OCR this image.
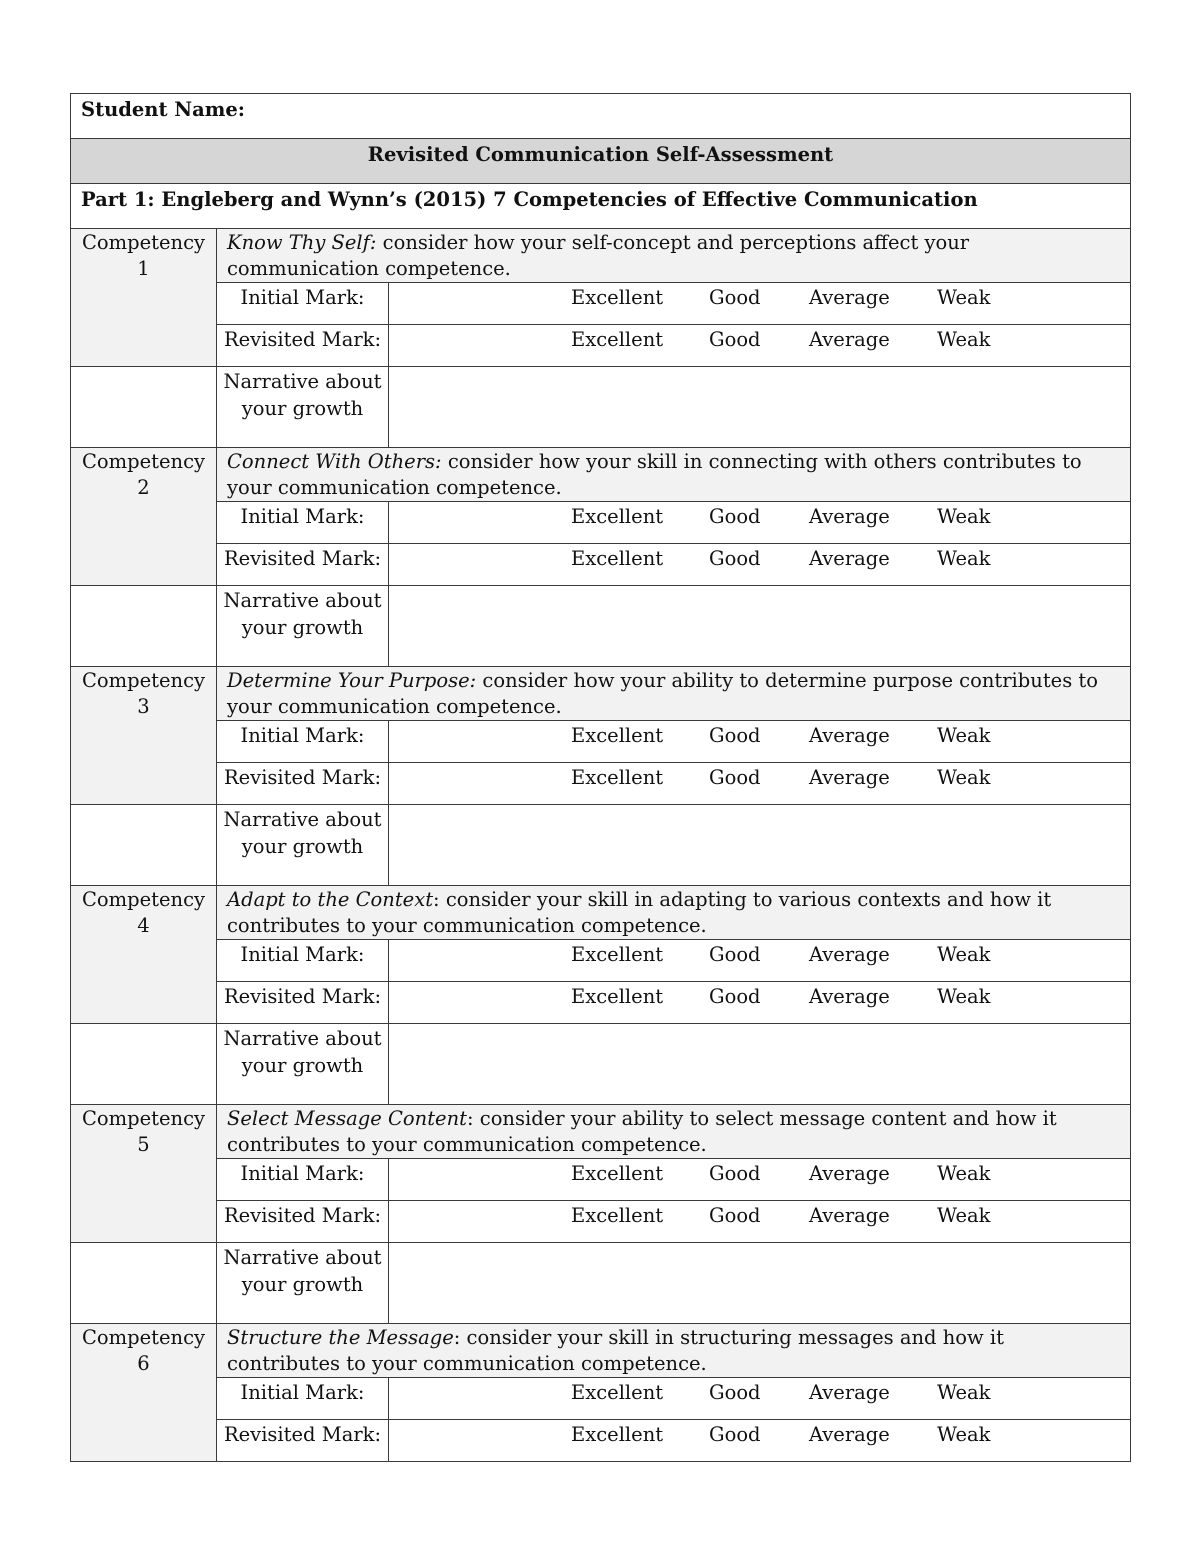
Student Name:		
Revisited Communication Self-Assessment		
Part 1: Engleberg and Wynn’s (2015) 7 Competencies of Effective Communication		
Competency 1	Know Thy Self: consider how your self-concept and perceptions affect your communication competence.	
	Initial Mark:	Excellent Good Average Weak

	Revisited Mark:	Excellent Good Average Weak

	Narrative about your growth	
Competency 2	Connect With Others: consider how your skill in connecting with others contributes to your communication competence.	
	Initial Mark:	Excellent Good Average Weak

	Revisited Mark:	Excellent Good Average Weak

	Narrative about your growth	
Competency 3	Determine Your Purpose: consider how your ability to determine purpose contributes to your communication competence.	
	Initial Mark:	Excellent Good Average Weak

	Revisited Mark:	Excellent Good Average Weak

	Narrative about your growth	
Competency 4	Adapt to the Context: consider your skill in adapting to various contexts and how it contributes to your communication competence.	
	Initial Mark:	Excellent Good Average Weak

	Revisited Mark:	Excellent Good Average Weak

	Narrative about your growth	
Competency 5	Select Message Content: consider your ability to select message content and how it contributes to your communication competence.	
	Initial Mark:	Excellent Good Average Weak

	Revisited Mark:	Excellent Good Average Weak

	Narrative about your growth	
Competency 6	Structure the Message: consider your skill in structuring messages and how it contributes to your communication competence.	
	Initial Mark:	Excellent Good Average Weak

	Revisited Mark:	Excellent Good Average Weak
